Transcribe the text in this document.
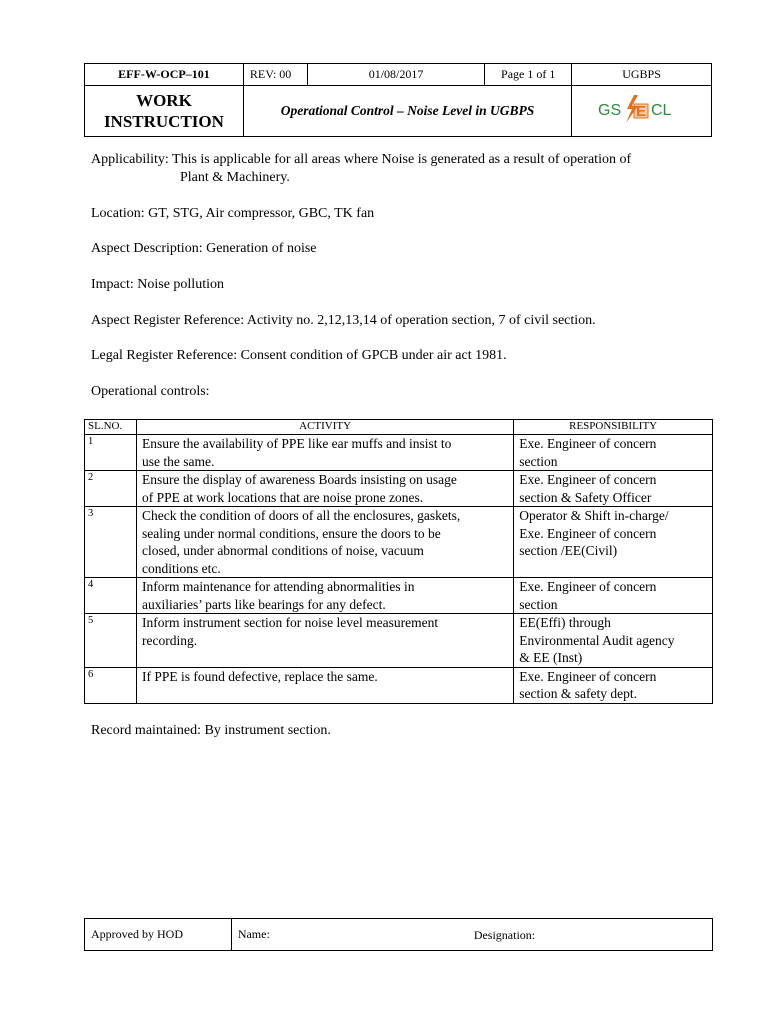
EFF-W-OCP–101	REV: 00	01/08/2017	Page 1 of 1	UGBPS
WORK
INSTRUCTION	Operational Control – Noise Level in UGBPS			GS E CL
Applicability: This is applicable for all areas where Noise is generated as a result of operation of
Plant & Machinery.
Location: GT, STG, Air compressor, GBC, TK fan
Aspect Description: Generation of noise
Impact: Noise pollution
Aspect Register Reference: Activity no. 2,12,13,14 of operation section, 7 of civil section.
Legal Register Reference: Consent condition of GPCB under air act 1981.
Operational controls:
SL.NO.	ACTIVITY	RESPONSIBILITY
1	Ensure the availability of PPE like ear muffs and insist to
use the same.	Exe. Engineer of concern
section

2	Ensure the display of awareness Boards insisting on usage
of PPE at work locations that are noise prone zones.	Exe. Engineer of concern
section & Safety Officer

3	Check the condition of doors of all the enclosures, gaskets,
sealing under normal conditions, ensure the doors to be
closed, under abnormal conditions of noise, vacuum
conditions etc.	Operator & Shift in-charge/
Exe. Engineer of concern
section /EE(Civil)

4	Inform maintenance for attending abnormalities in
auxiliaries’ parts like bearings for any defect.	Exe. Engineer of concern
section

5	Inform instrument section for noise level measurement
recording.	EE(Effi) through
Environmental Audit agency
& EE (Inst)

6	If PPE is found defective, replace the same.	Exe. Engineer of concern
section & safety dept.
Record maintained: By instrument section.
Approved by HOD	Name:	Designation:
